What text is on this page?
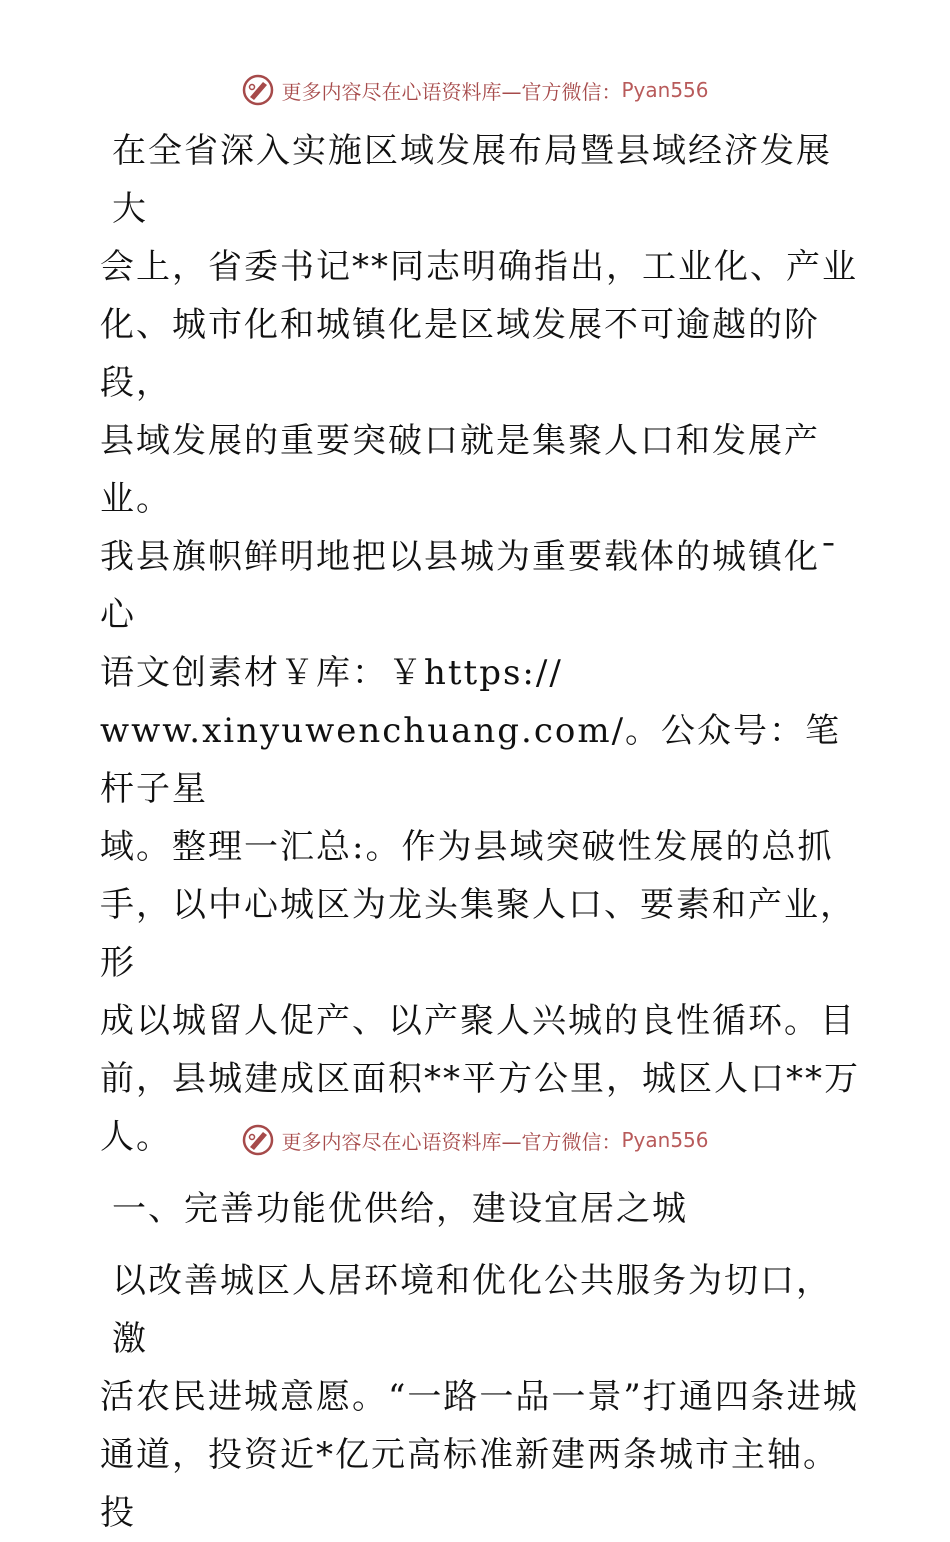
更多内容尽在心语资料库— 官方微信： Pyan556

在全省深入实施区域发展布局暨县域经济发展大

会上，省委书记**同志明确指出，工业化、产业

化、城市化和城镇化是区域发展不可逾越的阶段，

县域发展的重要突破口就是集聚人口和发展产业。

我县旗帜鲜明地把以县城为重要载体的城镇化¯心

语文创素材￥库：￥https://

www.xinyuwenchuang.com/。公众号：笔杆子星

域。整理一汇总:。作为县域突破性发展的总抓

手，以中心城区为龙头集聚人口、要素和产业，形

成以城留人促产、以产聚人兴城的良性循环。目

前，县城建成区面积**平方公里，城区人口**万

人。

一、完善功能优供给，建设宜居之城

以改善城区人居环境和优化公共服务为切口，激

活农民进城意愿。“一路一品一景”打通四条进城

通道，投资近*亿元高标准新建两条城市主轴。投

更多内容尽在心语资料库— 官方微信： Pyan556
